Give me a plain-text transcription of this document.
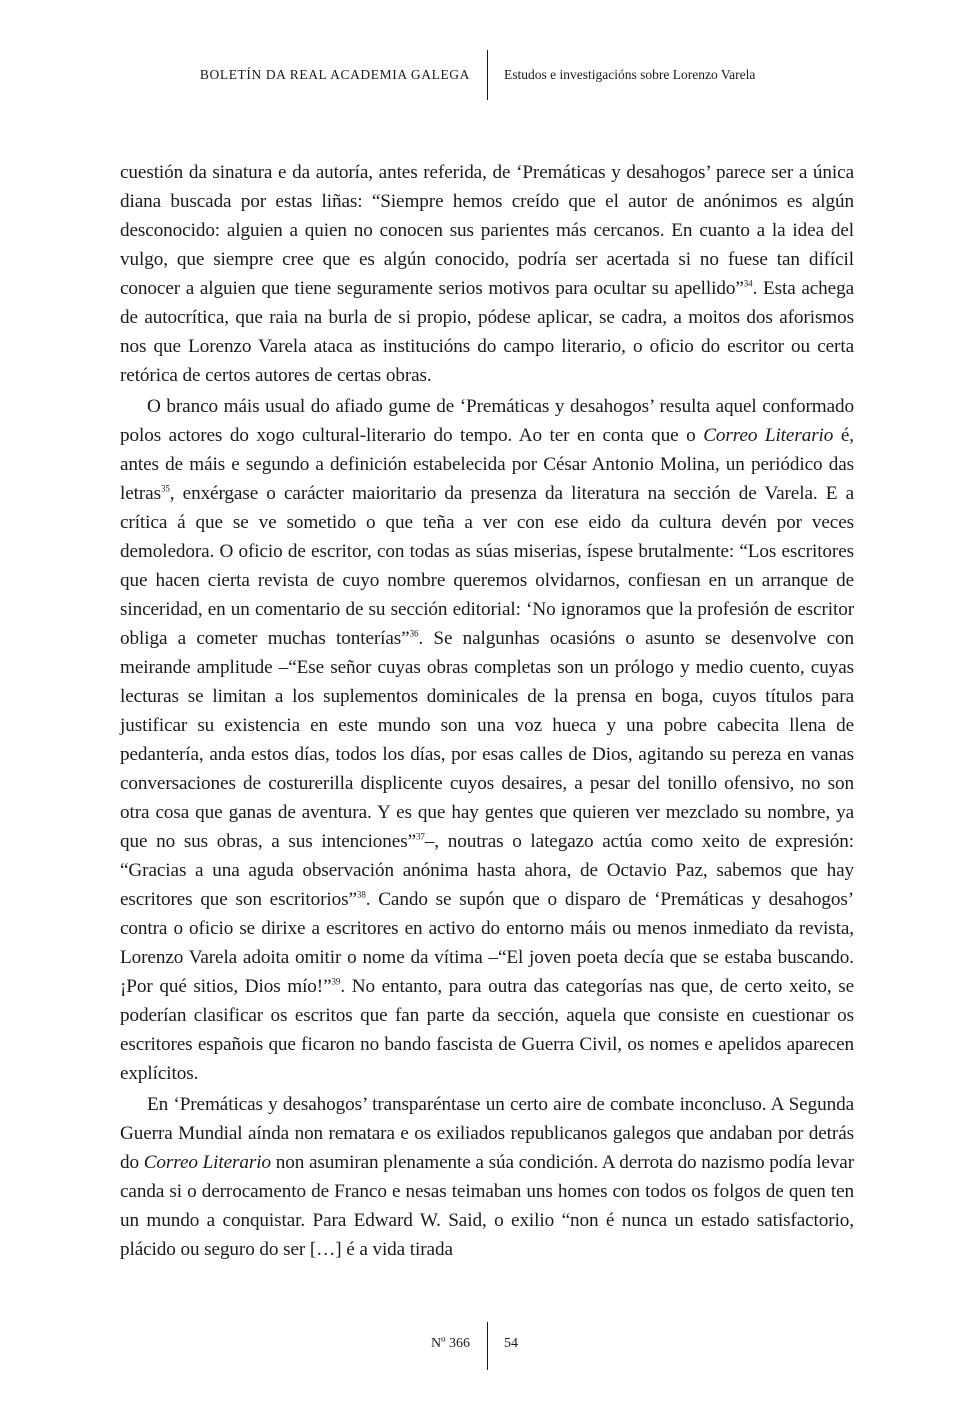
BOLETÍN DA REAL ACADEMIA GALEGA	Estudos e investigacións sobre Lorenzo Varela

cuestión da sinatura e da autoría, antes referida, de ‘Premáticas y desahogos’ parece ser a única diana buscada por estas liñas: “Siempre hemos creído que el autor de anónimos es algún desconocido: alguien a quien no conocen sus parientes más cercanos. En cuanto a la idea del vulgo, que siempre cree que es algún conocido, podría ser acertada si no fuese tan difícil conocer a alguien que tiene seguramente serios motivos para ocultar su apellido”$^{34}$. Esta achega de autocrítica, que raia na burla de si propio, pódese aplicar, se cadra, a moitos dos aforismos nos que Lorenzo Varela ataca as institucións do campo literario, o oficio do escritor ou certa retórica de certos autores de certas obras.

O branco máis usual do afiado gume de ‘Premáticas y desahogos’ resulta aquel conformado polos actores do xogo cultural-literario do tempo. Ao ter en conta que o Correo Literario é, antes de máis e segundo a definición estabelecida por César Antonio Molina, un periódico das letras$^{35}$, enxérgase o carácter maioritario da presenza da literatura na sección de Varela. E a crítica á que se ve sometido o que teña a ver con ese eido da cultura devén por veces demoledora. O oficio de escritor, con todas as súas miserias, íspese brutalmente: “Los escritores que hacen cierta revista de cuyo nombre queremos olvidarnos, confiesan en un arranque de sinceridad, en un comentario de su sección editorial: ‘No ignoramos que la profesión de escritor obliga a cometer muchas tonterías”$^{36}$. Se nalgunhas ocasións o asunto se desenvolve con meirande amplitude –“Ese señor cuyas obras completas son un prólogo y medio cuento, cuyas lecturas se limitan a los suplementos dominicales de la prensa en boga, cuyos títulos para justificar su existencia en este mundo son una voz hueca y una pobre cabecita llena de pedantería, anda estos días, todos los días, por esas calles de Dios, agitando su pereza en vanas conversaciones de costurerilla displicente cuyos desaires, a pesar del tonillo ofensivo, no son otra cosa que ganas de aventura. Y es que hay gentes que quieren ver mezclado su nombre, ya que no sus obras, a sus intenciones”$^{37}$–, noutras o lategazo actúa como xeito de expresión: “Gracias a una aguda observación anónima hasta ahora, de Octavio Paz, sabemos que hay escritores que son escritorios”$^{38}$. Cando se supón que o disparo de ‘Premáticas y desahogos’ contra o oficio se dirixe a escritores en activo do entorno máis ou menos inmediato da revista, Lorenzo Varela adoita omitir o nome da vítima –“El joven poeta decía que se estaba buscando. ¡Por qué sitios, Dios mío!”$^{39}$. No entanto, para outra das categorías nas que, de certo xeito, se poderían clasificar os escritos que fan parte da sección, aquela que consiste en cuestionar os escritores españois que ficaron no bando fascista de Guerra Civil, os nomes e apelidos aparecen explícitos.

En ‘Premáticas y desahogos’ transparéntase un certo aire de combate inconcluso. A Segunda Guerra Mundial aínda non rematara e os exiliados republicanos galegos que andaban por detrás do Correo Literario non asumiran plenamente a súa condición. A derrota do nazismo podía levar canda si o derrocamento de Franco e nesas teimaban uns homes con todos os folgos de quen ten un mundo a conquistar. Para Edward W. Said, o exilio “non é nunca un estado satisfactorio, plácido ou seguro do ser […] é a vida tirada

Nº 366 54
